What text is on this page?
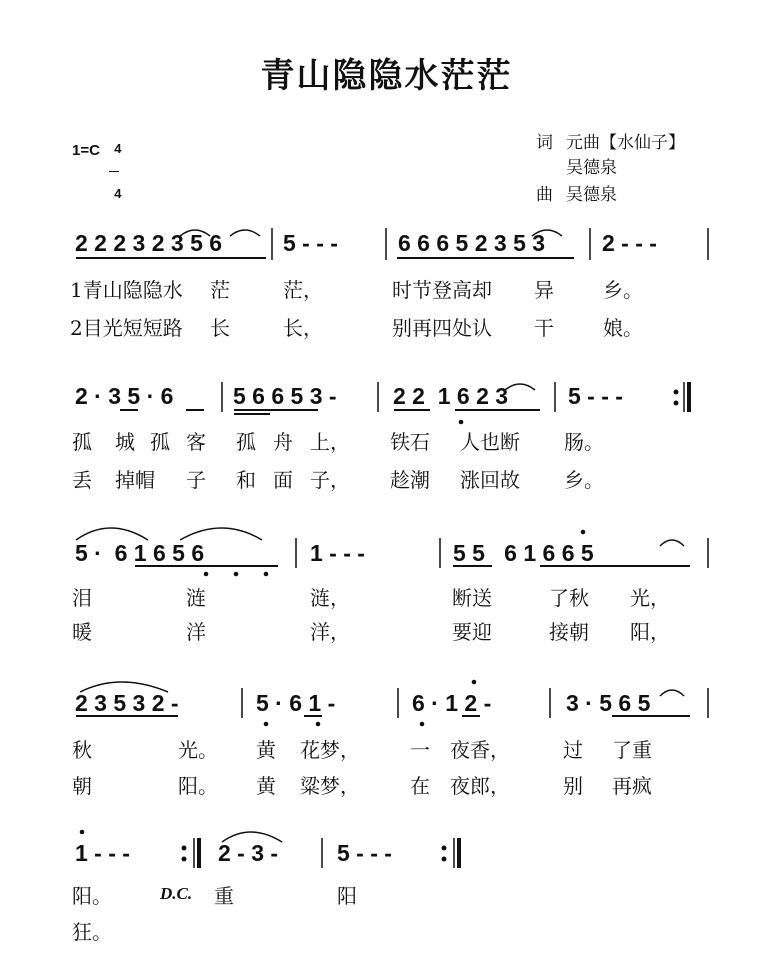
青山隐隐水茫茫
1=C	4

4

词 元曲【水仙子】
吴德泉
曲 吴德泉
2 2 2 3 2 3 5 6	5 - - -	6 6 6 5 2 3 5 3 2 - - -
1青山隐隐水 茫	茫，	时节登高却 异 乡。
2目光短短路 长	长，	别再四处认 干 娘。
2 · 3 5 · 6	5 6 6 5 3 - 2 2  1 6 2 3	5 - - -
孤 城 孤 客 孤 舟 上， 铁石 人也断 肠。
丢 掉帽 子 和 面 子， 趁潮 涨回故 乡。
5 ·  6 1 6 5 6	1 - - -	5 5   6 1 6 6 5
泪	涟	涟，	断送	了秋 光，
暖	洋	洋，	要迎	接朝 阳，
2 3 5 3 2 -	5 · 6 1 -	6 · 1 2 -	3 · 5 6 5
秋	光。 黄 花梦，	一 夜香，	过 了重
朝	阳。 黄 粱梦，	在 夜郎，	别 再疯
1 - - -	2 - 3 -	5 - - -
阳。	D.C. 重	阳
狂。
